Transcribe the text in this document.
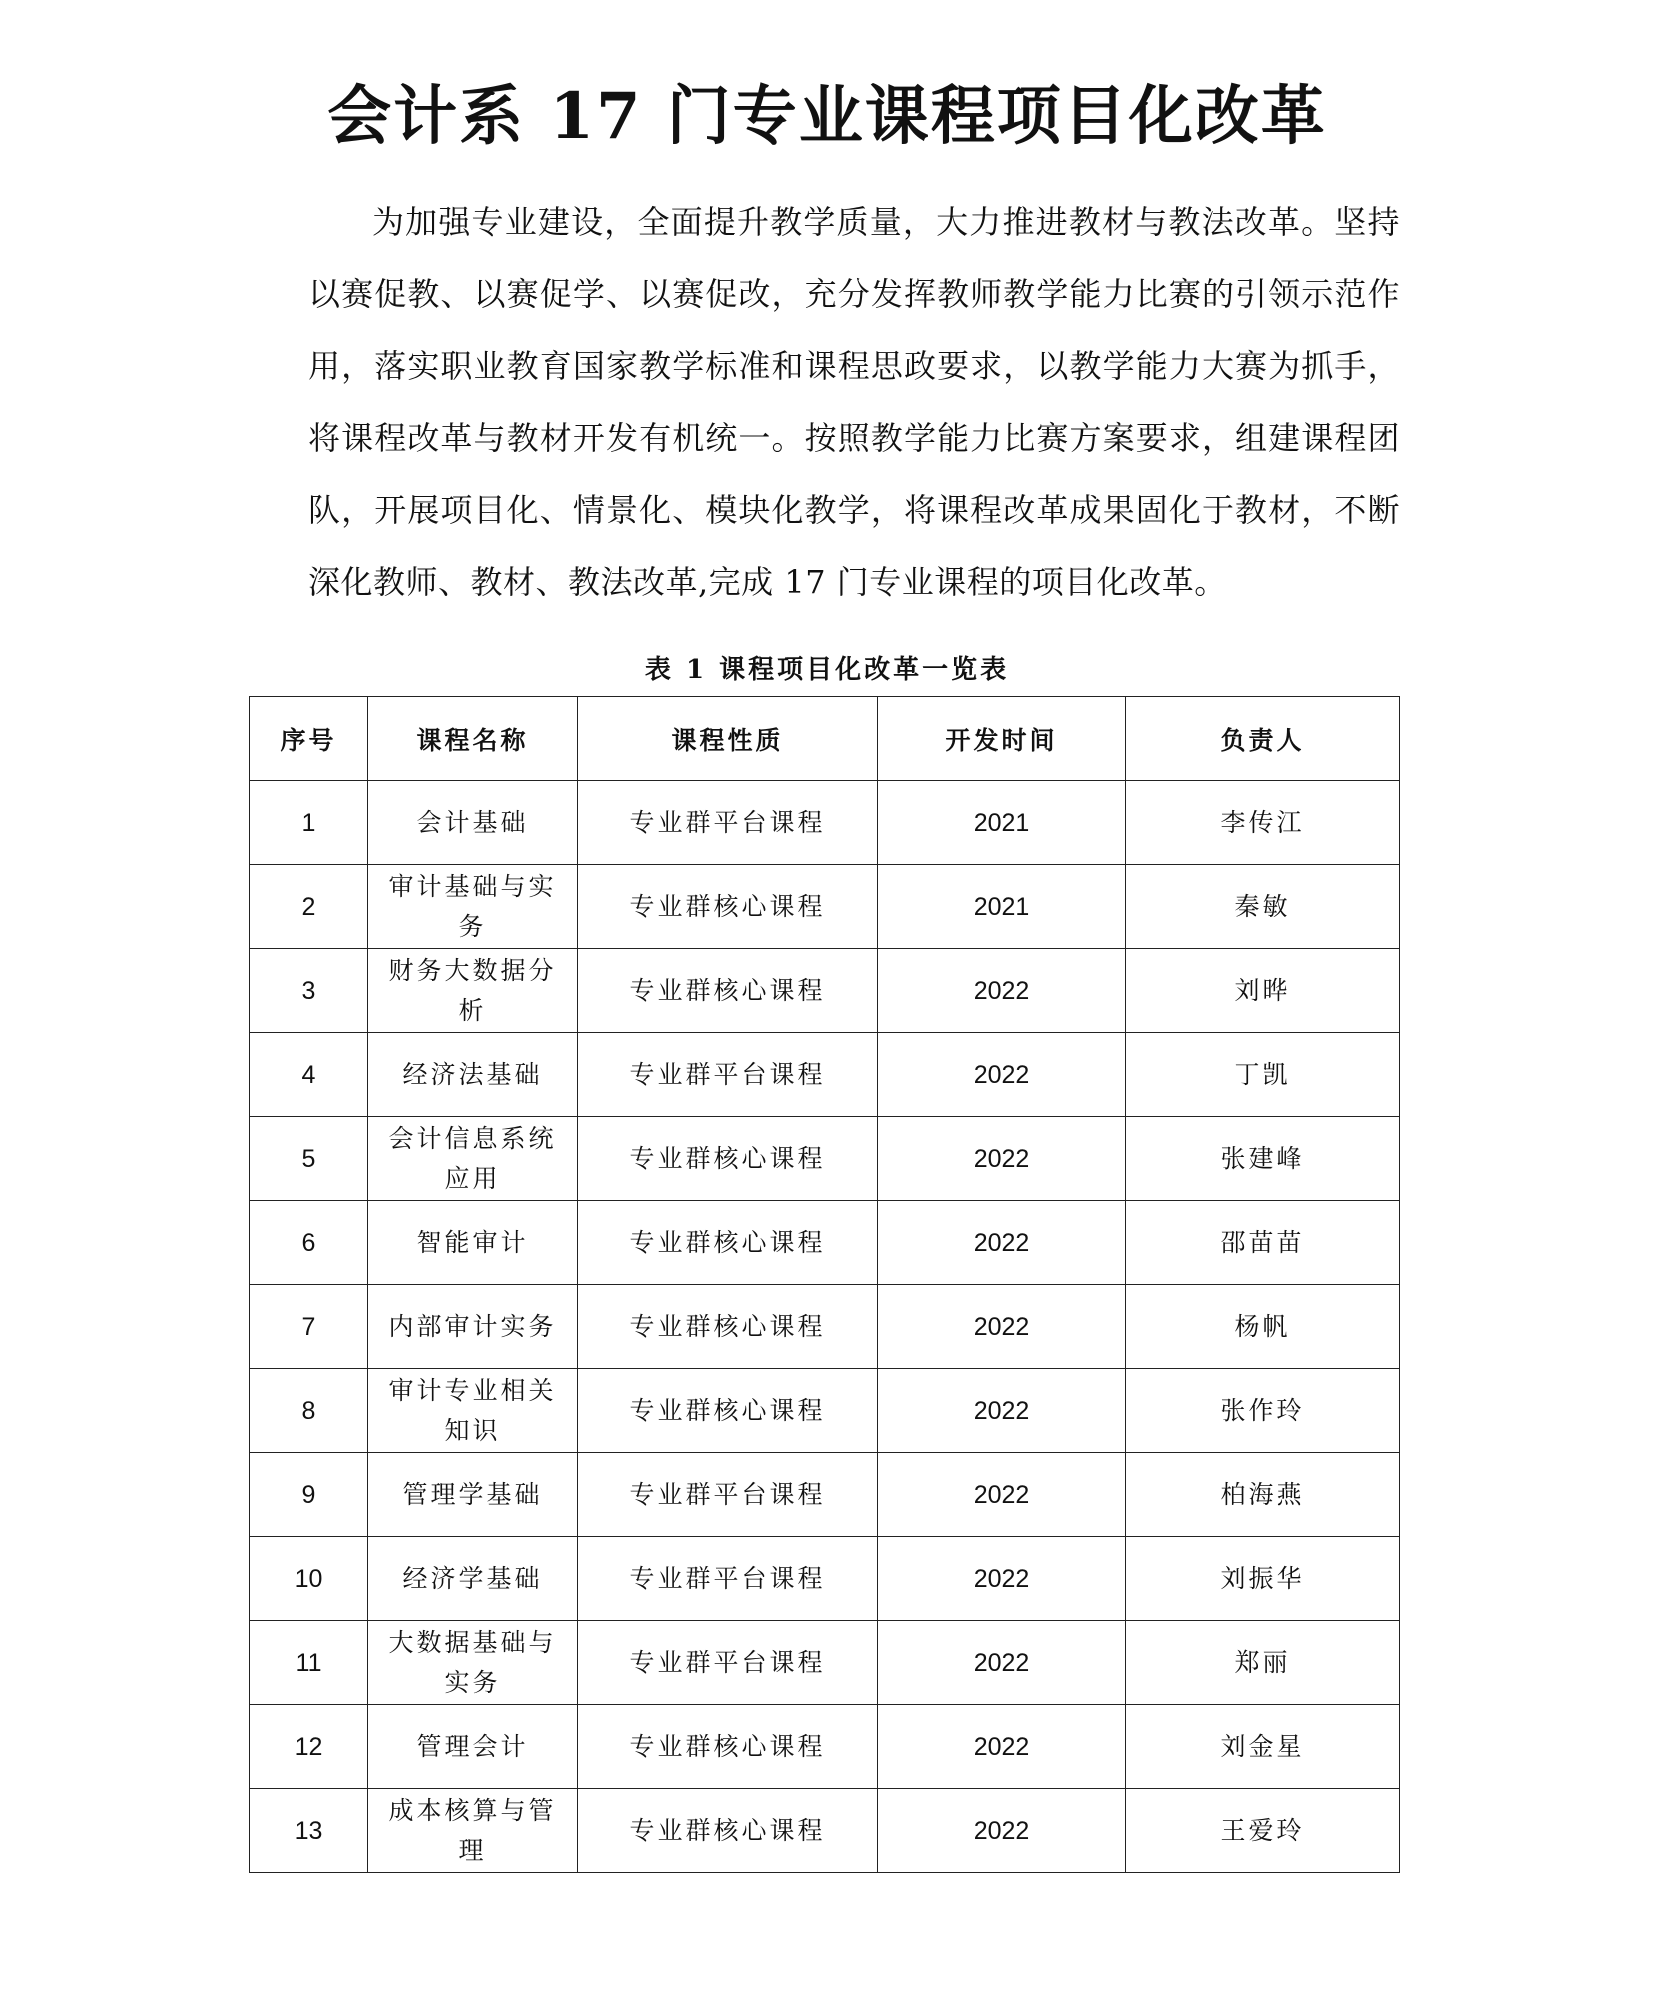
会计系 17 门专业课程项目化改革

为加强专业建设，全面提升教学质量，大力推进教材与教法改革。坚持以赛促教、以赛促学、以赛促改，充分发挥教师教学能力比赛的引领示范作用，落实职业教育国家教学标准和课程思政要求，以教学能力大赛为抓手，将课程改革与教材开发有机统一。按照教学能力比赛方案要求，组建课程团队，开展项目化、情景化、模块化教学，将课程改革成果固化于教材，不断深化教师、教材、教法改革,完成 17 门专业课程的项目化改革。

表 1 课程项目化改革一览表
序号	课程名称	课程性质	开发时间	负责人
1	会计基础	专业群平台课程	2021	李传江
2	审计基础与实务	专业群核心课程	2021	秦敏
3	财务大数据分析	专业群核心课程	2022	刘晔
4	经济法基础	专业群平台课程	2022	丁凯
5	会计信息系统应用	专业群核心课程	2022	张建峰
6	智能审计	专业群核心课程	2022	邵苗苗
7	内部审计实务	专业群核心课程	2022	杨帆
8	审计专业相关知识	专业群核心课程	2022	张作玲
9	管理学基础	专业群平台课程	2022	柏海燕
10	经济学基础	专业群平台课程	2022	刘振华
11	大数据基础与实务	专业群平台课程	2022	郑丽
12	管理会计	专业群核心课程	2022	刘金星
13	成本核算与管理	专业群核心课程	2022	王爱玲
